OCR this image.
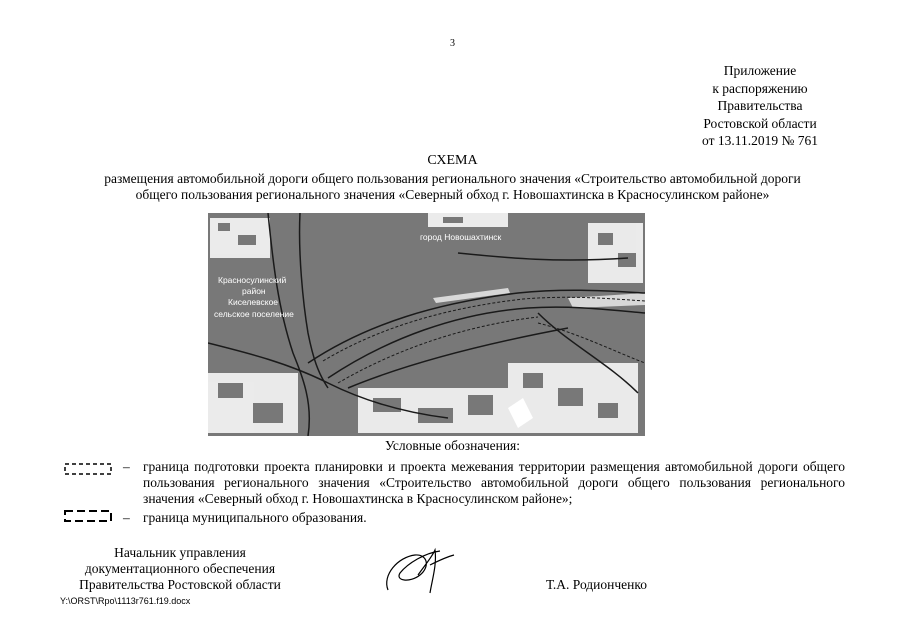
3
Приложение
к распоряжению
Правительства
Ростовской области
от 13.11.2019 № 761
СХЕМА
размещения автомобильной дороги общего пользования регионального значения «Строительство автомобильной дороги
общего пользования регионального значения «Северный обход г. Новошахтинска в Красносулинском районе»
город Новошахтинск
Красносулинский
район
Киселевское
сельское поселение
Условные обозначения:
– граница подготовки проекта планировки и проекта межевания территории размещения автомобильной дороги общего пользования регионального значения «Строительство автомобильной дороги общего пользования регионального значения «Северный обход г. Новошахтинска в Красносулинском районе»;
– граница муниципального образования.
Начальник управления
документационного обеспечения
Правительства Ростовской области	Т.А. Родионченко
Y:\ORST\Rpo\1113r761.f19.docx
